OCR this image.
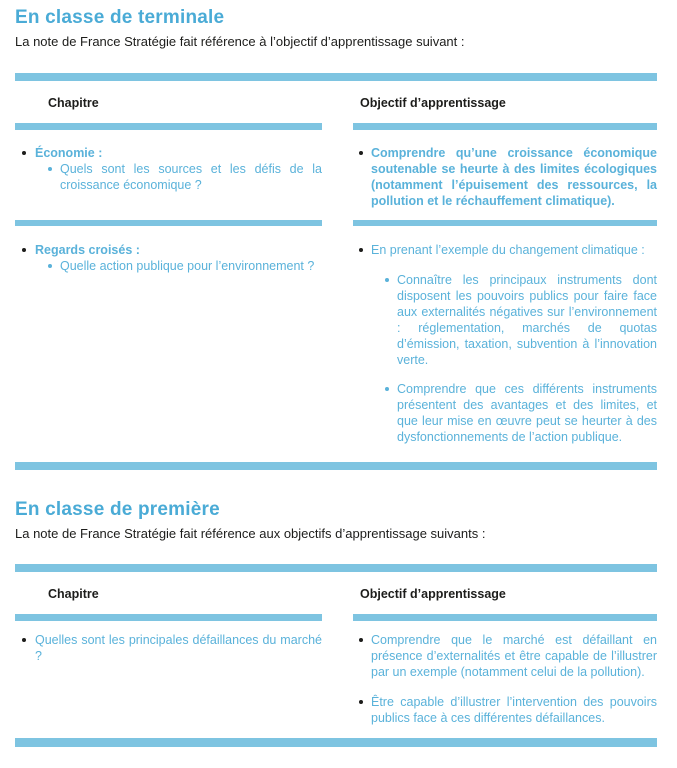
En classe de terminale

La note de France Stratégie fait référence à l’objectif d’apprentissage suivant :

Chapitre	Objectif d’apprentissage
Économie :
Quels sont les sources et les défis de la croissance économique ?
Comprendre qu’une croissance économique soutenable se heurte à des limites écologiques (notamment l’épuisement des ressources, la pollution et le réchauffement climatique).
Regards croisés :
Quelle action publique pour l’environnement ?
En prenant l’exemple du changement climatique :
Connaître les principaux instruments dont disposent les pouvoirs publics pour faire face aux externalités négatives sur l’environnement : réglementation, marchés de quotas d’émission, taxation, subvention à l’innovation verte.
Comprendre que ces différents instruments présentent des avantages et des limites, et que leur mise en œuvre peut se heurter à des dysfonctionnements de l’action publique.
En classe de première

La note de France Stratégie fait référence aux objectifs d’apprentissage suivants :

Chapitre	Objectif d’apprentissage
Quelles sont les principales défaillances du marché ?
Comprendre que le marché est défaillant en présence d’externalités et être capable de l’illustrer par un exemple (notamment celui de la pollution).
Être capable d’illustrer l’intervention des pouvoirs publics face à ces différentes défaillances.
